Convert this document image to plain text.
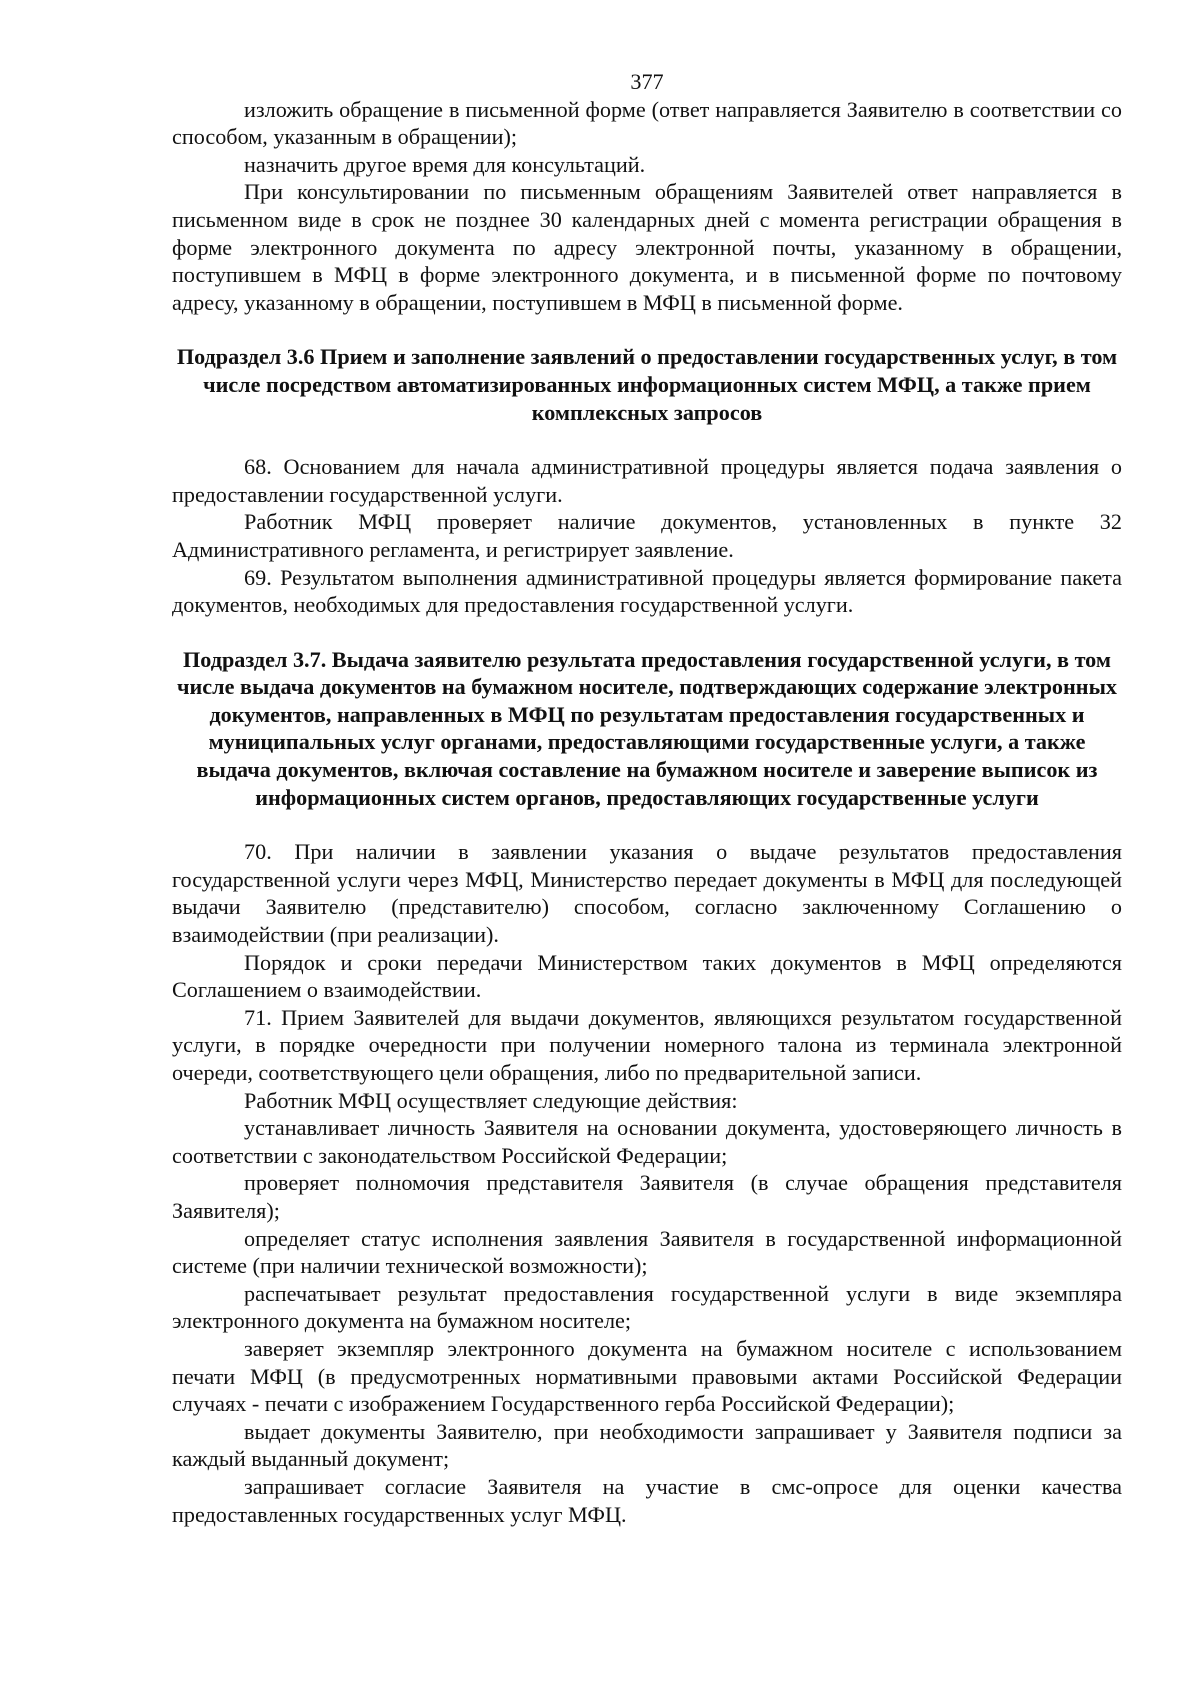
377

изложить обращение в письменной форме (ответ направляется Заявителю в соответствии со способом, указанным в обращении);

назначить другое время для консультаций.

При консультировании по письменным обращениям Заявителей ответ направляется в письменном виде в срок не позднее 30 календарных дней с момента регистрации обращения в форме электронного документа по адресу электронной почты, указанному в обращении, поступившем в МФЦ в форме электронного документа, и в письменной форме по почтовому адресу, указанному в обращении, поступившем в МФЦ в письменной форме.

Подраздел 3.6 Прием и заполнение заявлений о предоставлении государственных услуг, в том числе посредством автоматизированных информационных систем МФЦ, а также прием комплексных запросов

68. Основанием для начала административной процедуры является подача заявления о предоставлении государственной услуги.

Работник МФЦ проверяет наличие документов, установленных в пункте 32 Административного регламента, и регистрирует заявление.

69. Результатом выполнения административной процедуры является формирование пакета документов, необходимых для предоставления государственной услуги.

Подраздел 3.7. Выдача заявителю результата предоставления государственной услуги, в том числе выдача документов на бумажном носителе, подтверждающих содержание электронных документов, направленных в МФЦ по результатам предоставления государственных и муниципальных услуг органами, предоставляющими государственные услуги, а также выдача документов, включая составление на бумажном носителе и заверение выписок из информационных систем органов, предоставляющих государственные услуги

70. При наличии в заявлении указания о выдаче результатов предоставления государственной услуги через МФЦ, Министерство передает документы в МФЦ для последующей выдачи Заявителю (представителю) способом, согласно заключенному Соглашению о взаимодействии (при реализации).

Порядок и сроки передачи Министерством таких документов в МФЦ определяются Соглашением о взаимодействии.

71. Прием Заявителей для выдачи документов, являющихся результатом государственной услуги, в порядке очередности при получении номерного талона из терминала электронной очереди, соответствующего цели обращения, либо по предварительной записи.

Работник МФЦ осуществляет следующие действия:

устанавливает личность Заявителя на основании документа, удостоверяющего личность в соответствии с законодательством Российской Федерации;

проверяет полномочия представителя Заявителя (в случае обращения представителя Заявителя);

определяет статус исполнения заявления Заявителя в государственной информационной системе (при наличии технической возможности);

распечатывает результат предоставления государственной услуги в виде экземпляра электронного документа на бумажном носителе;

заверяет экземпляр электронного документа на бумажном носителе с использованием печати МФЦ (в предусмотренных нормативными правовыми актами Российской Федерации случаях - печати с изображением Государственного герба Российской Федерации);

выдает документы Заявителю, при необходимости запрашивает у Заявителя подписи за каждый выданный документ;

запрашивает согласие Заявителя на участие в смс-опросе для оценки качества предоставленных государственных услуг МФЦ.
